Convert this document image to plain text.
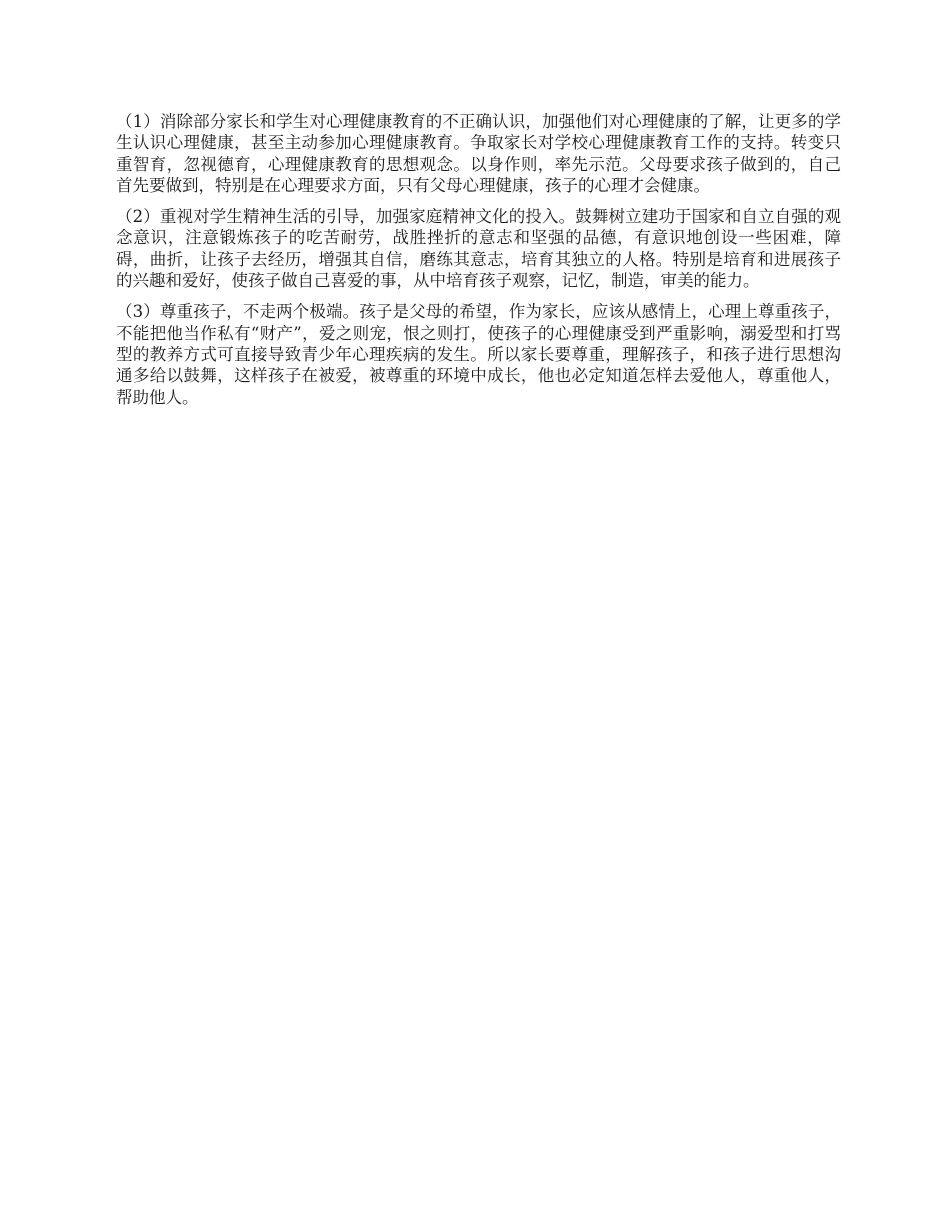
（1）消除部分家长和学生对心理健康教育的不正确认识，加强他们对心理健康的了解，让更多的学生认识心理健康，甚至主动参加心理健康教育。争取家长对学校心理健康教育工作的支持。转变只重智育，忽视德育，心理健康教育的思想观念。以身作则，率先示范。父母要求孩子做到的，自己首先要做到，特别是在心理要求方面，只有父母心理健康，孩子的心理才会健康。

（2）重视对学生精神生活的引导，加强家庭精神文化的投入。鼓舞树立建功于国家和自立自强的观念意识，注意锻炼孩子的吃苦耐劳，战胜挫折的意志和坚强的品德，有意识地创设一些困难，障碍，曲折，让孩子去经历，增强其自信，磨练其意志，培育其独立的人格。特别是培育和进展孩子的兴趣和爱好，使孩子做自己喜爱的事，从中培育孩子观察，记忆，制造，审美的能力。

（3）尊重孩子，不走两个极端。孩子是父母的希望，作为家长，应该从感情上，心理上尊重孩子，不能把他当作私有“财产”，爱之则宠，恨之则打，使孩子的心理健康受到严重影响，溺爱型和打骂型的教养方式可直接导致青少年心理疾病的发生。所以家长要尊重，理解孩子，和孩子进行思想沟通多给以鼓舞，这样孩子在被爱，被尊重的环境中成长，他也必定知道怎样去爱他人，尊重他人，帮助他人。
